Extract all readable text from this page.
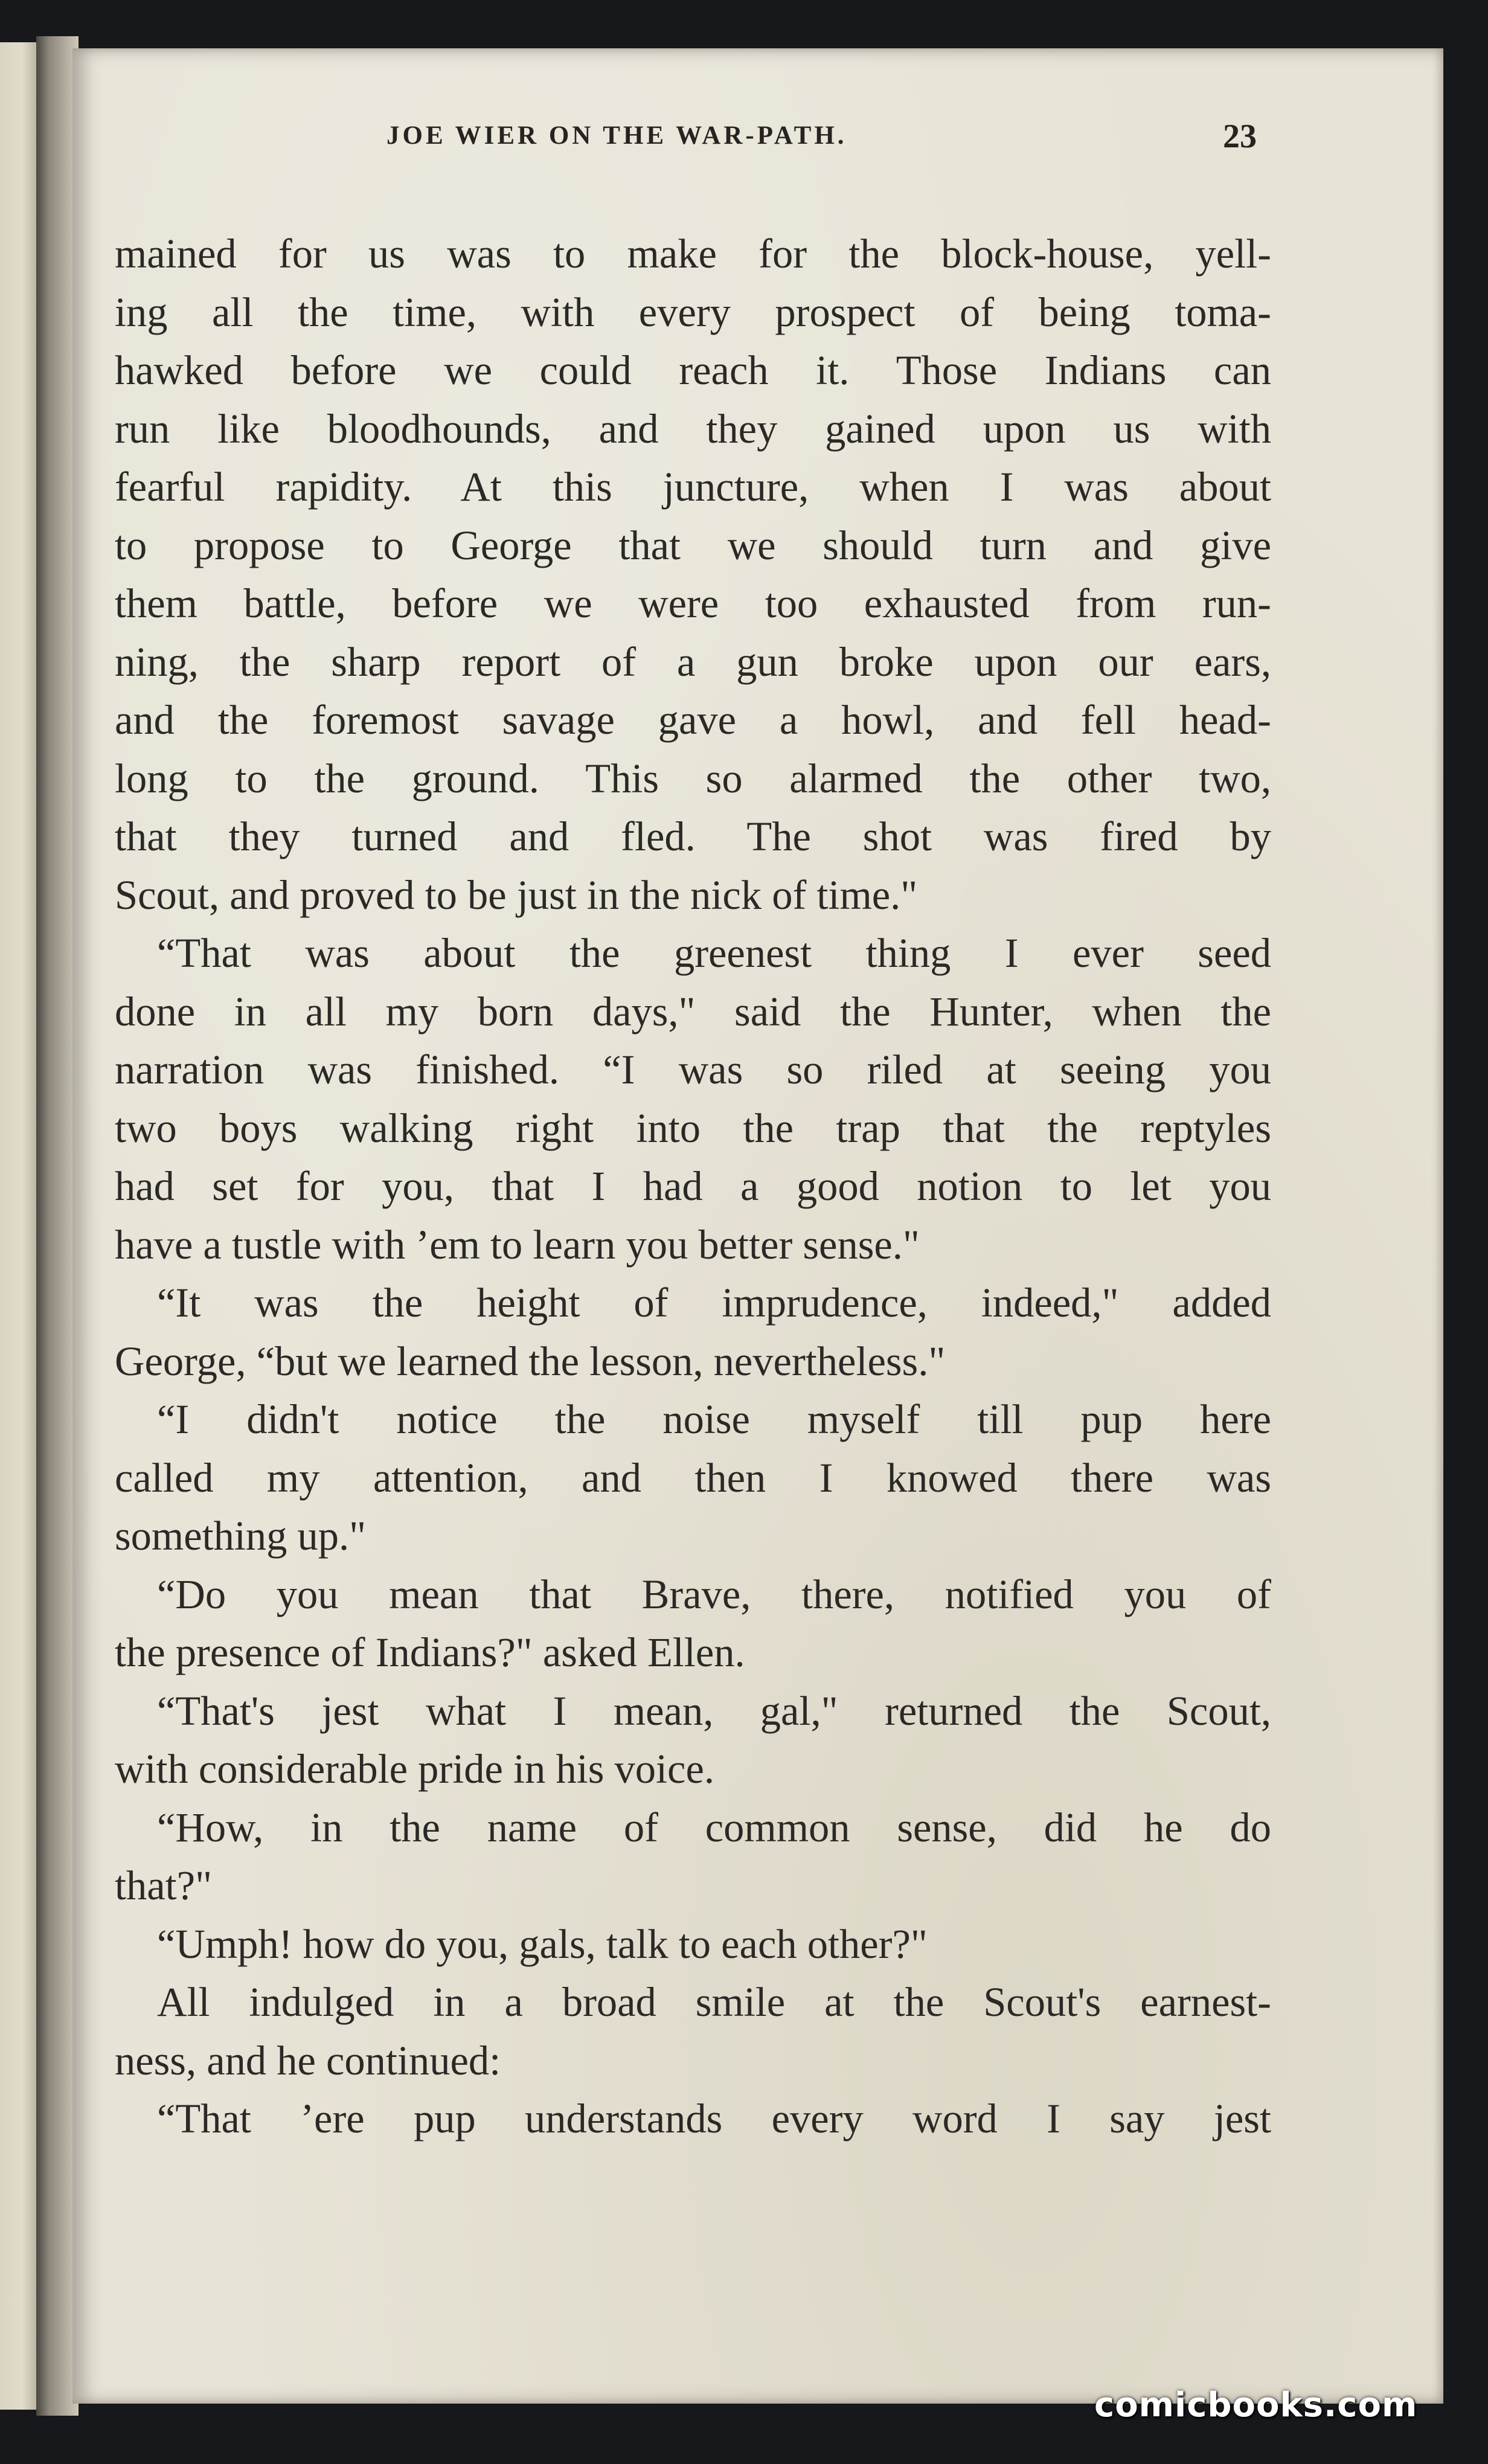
JOE WIER ON THE WAR-PATH.	23
mained for us was to make for the block-house, yell-
ing all the time, with every prospect of being toma-
hawked before we could reach it. Those Indians can
run like bloodhounds, and they gained upon us with
fearful rapidity. At this juncture, when I was about
to propose to George that we should turn and give
them battle, before we were too exhausted from run-
ning, the sharp report of a gun broke upon our ears,
and the foremost savage gave a howl, and fell head-
long to the ground. This so alarmed the other two,
that they turned and fled. The shot was fired by
Scout, and proved to be just in the nick of time."
“That was about the greenest thing I ever seed
done in all my born days," said the Hunter, when the
narration was finished. “I was so riled at seeing you
two boys walking right into the trap that the reptyles
had set for you, that I had a good notion to let you
have a tustle with ’em to learn you better sense."
“It was the height of imprudence, indeed," added
George, “but we learned the lesson, nevertheless."
“I didn't notice the noise myself till pup here
called my attention, and then I knowed there was
something up."
“Do you mean that Brave, there, notified you of
the presence of Indians?" asked Ellen.
“That's jest what I mean, gal," returned the Scout,
with considerable pride in his voice.
“How, in the name of common sense, did he do
that?"
“Umph! how do you, gals, talk to each other?"
All indulged in a broad smile at the Scout's earnest-
ness, and he continued:
“That ’ere pup understands every word I say jest
comicbooks.com
